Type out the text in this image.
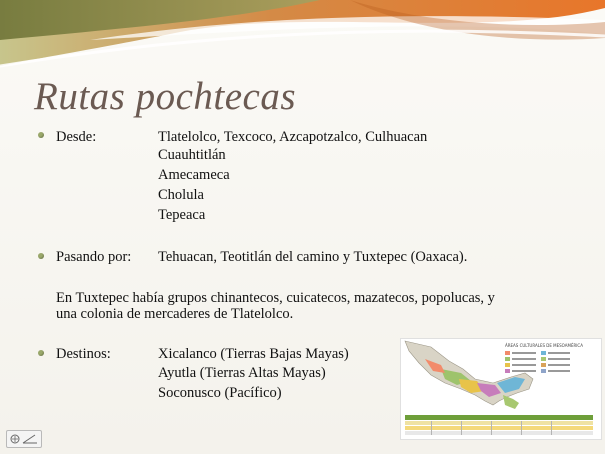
Rutas pochtecas
Desde:	Tlatelolco, Texcoco, Azcapotzalco, Culhuacan
Cuauhtitlán
Amecameca
Cholula
Tepeaca
Pasando por: Tehuacan, Teotitlán del camino y Tuxtepec (Oaxaca).
En Tuxtepec había grupos chinantecos, cuicatecos, mazatecos, popolucas, y
una colonia de mercaderes de Tlatelolco.
Destinos:	Xicalanco (Tierras Bajas Mayas)
Ayutla (Tierras Altas Mayas)
Soconusco (Pacífico)
ÁREAS CULTURALES DE MESOAMÉRICA
